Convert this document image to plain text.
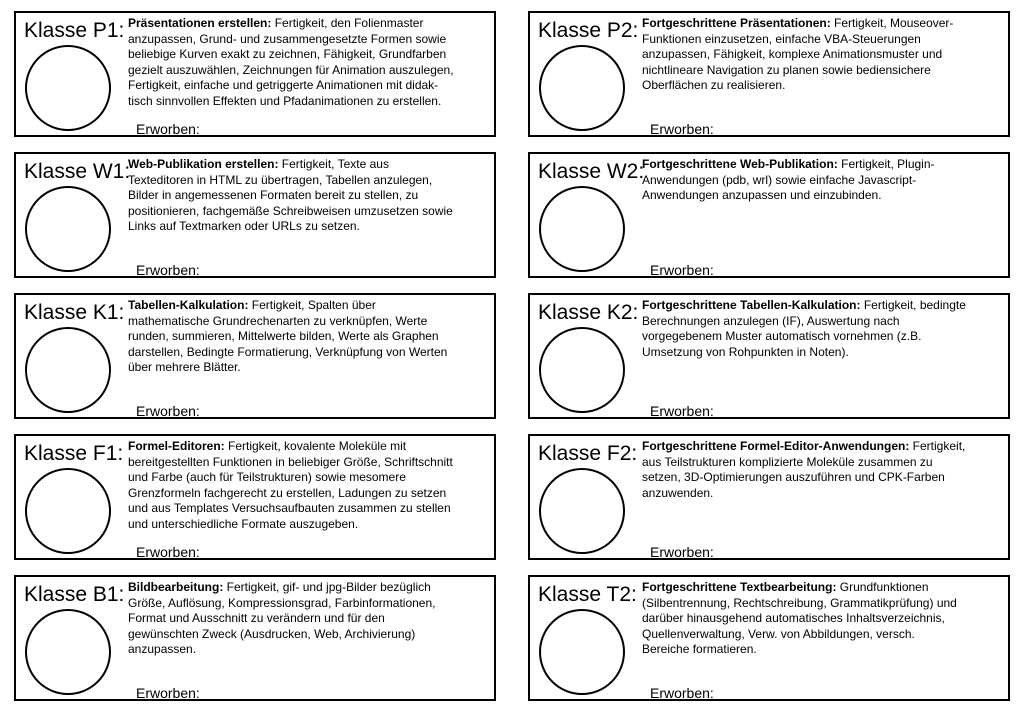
Klasse P1: Präsentationen erstellen: Fertigkeit, den Folienmaster
anzupassen, Grund- und zusammengesetzte Formen sowie
beliebige Kurven exakt zu zeichnen, Fähigkeit, Grundfarben
gezielt auszuwählen, Zeichnungen für Animation auszulegen,
Fertigkeit, einfache und getriggerte Animationen mit didak-
tisch sinnvollen Effekten und Pfadanimationen zu erstellen.
Erworben:
Klasse P2: Fortgeschrittene Präsentationen: Fertigkeit, Mouseover-
Funktionen einzusetzen, einfache VBA-Steuerungen
anzupassen, Fähigkeit, komplexe Animationsmuster und
nichtlineare Navigation zu planen sowie bediensichere
Oberflächen zu realisieren.
Erworben:
Klasse W1:
Web-Publikation erstellen: Fertigkeit, Texte aus
Texteditoren in HTML zu übertragen, Tabellen anzulegen,
Bilder in angemessenen Formaten bereit zu stellen, zu
positionieren, fachgemäße Schreibweisen umzusetzen sowie
Links auf Textmarken oder URLs zu setzen.
Erworben:
Klasse W2:
Fortgeschrittene Web-Publikation: Fertigkeit, Plugin-
Anwendungen (pdb, wrl) sowie einfache Javascript-
Anwendungen anzupassen und einzubinden.
Erworben:
Klasse K1: Tabellen-Kalkulation: Fertigkeit, Spalten über
mathematische Grundrechenarten zu verknüpfen, Werte
runden, summieren, Mittelwerte bilden, Werte als Graphen
darstellen, Bedingte Formatierung, Verknüpfung von Werten
über mehrere Blätter.
Erworben:
Klasse K2: Fortgeschrittene Tabellen-Kalkulation: Fertigkeit, bedingte
Berechnungen anzulegen (IF), Auswertung nach
vorgegebenem Muster automatisch vornehmen (z.B.
Umsetzung von Rohpunkten in Noten).
Erworben:
Klasse F1: Formel-Editoren: Fertigkeit, kovalente Moleküle mit
bereitgestellten Funktionen in beliebiger Größe, Schriftschnitt
und Farbe (auch für Teilstrukturen) sowie mesomere
Grenzformeln fachgerecht zu erstellen, Ladungen zu setzen
und aus Templates Versuchsaufbauten zusammen zu stellen
und unterschiedliche Formate auszugeben.
Erworben:
Klasse F2: Fortgeschrittene Formel-Editor-Anwendungen: Fertigkeit,
aus Teilstrukturen komplizierte Moleküle zusammen zu
setzen, 3D-Optimierungen auszuführen und CPK-Farben
anzuwenden.
Erworben:
Klasse B1: Bildbearbeitung: Fertigkeit, gif- und jpg-Bilder bezüglich
Größe, Auflösung, Kompressionsgrad, Farbinformationen,
Format und Ausschnitt zu verändern und für den
gewünschten Zweck (Ausdrucken, Web, Archivierung)
anzupassen.
Erworben:
Klasse T2: Fortgeschrittene Textbearbeitung: Grundfunktionen
(Silbentrennung, Rechtschreibung, Grammatikprüfung) und
darüber hinausgehend automatisches Inhaltsverzeichnis,
Quellenverwaltung, Verw. von Abbildungen, versch.
Bereiche formatieren.
Erworben:
